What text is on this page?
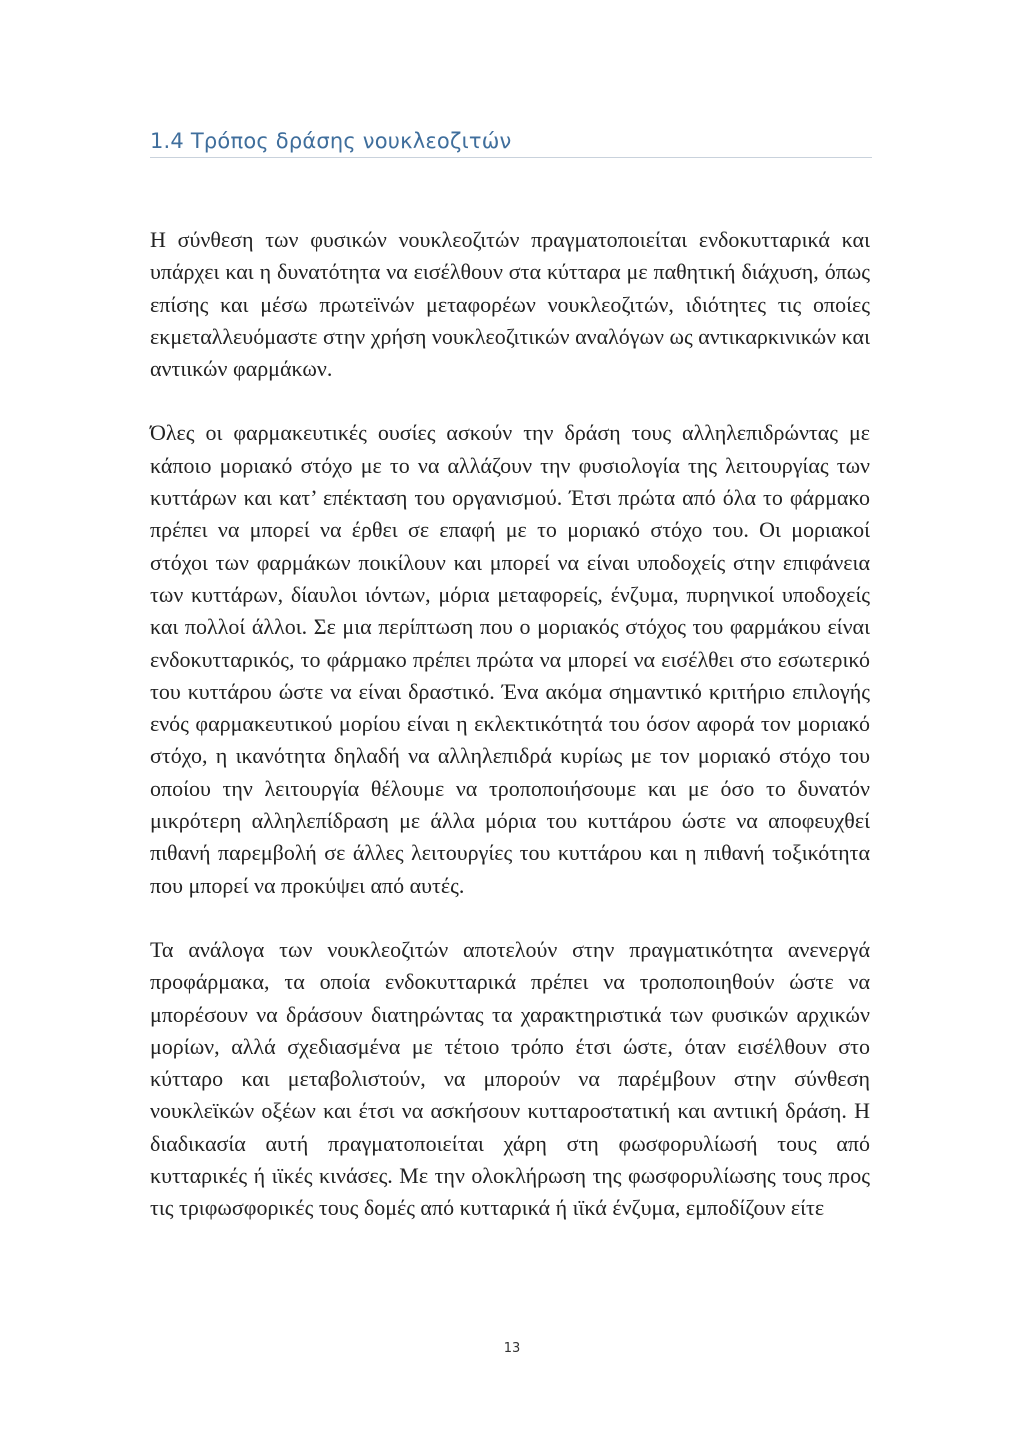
1.4 Τρόπος δράσης νουκλεοζιτών

Η σύνθεση των φυσικών νουκλεοζιτών πραγματοποιείται ενδοκυτταρικά και υπάρχει και η δυνατότητα να εισέλθουν στα κύτταρα με παθητική διάχυση, όπως επίσης και μέσω πρωτεϊνών μεταφορέων νουκλεοζιτών, ιδιότητες τις οποίες εκμεταλλευόμαστε στην χρήση νουκλεοζιτικών αναλόγων ως αντικαρκινικών και αντιικών φαρμάκων.

Όλες οι φαρμακευτικές ουσίες ασκούν την δράση τους αλληλεπιδρώντας με κάποιο μοριακό στόχο με το να αλλάζουν την φυσιολογία της λειτουργίας των κυττάρων και κατ’ επέκταση του οργανισμού. Έτσι πρώτα από όλα το φάρμακο πρέπει να μπορεί να έρθει σε επαφή με το μοριακό στόχο του. Οι μοριακοί στόχοι των φαρμάκων ποικίλουν και μπορεί να είναι υποδοχείς στην επιφάνεια των κυττάρων, δίαυλοι ιόντων, μόρια μεταφορείς, ένζυμα, πυρηνικοί υποδοχείς και πολλοί άλλοι. Σε μια περίπτωση που ο μοριακός στόχος του φαρμάκου είναι ενδοκυτταρικός, το φάρμακο πρέπει πρώτα να μπορεί να εισέλθει στο εσωτερικό του κυττάρου ώστε να είναι δραστικό. Ένα ακόμα σημαντικό κριτήριο επιλογής ενός φαρμακευτικού μορίου είναι η εκλεκτικότητά του όσον αφορά τον μοριακό στόχο, η ικανότητα δηλαδή να αλληλεπιδρά κυρίως με τον μοριακό στόχο του οποίου την λειτουργία θέλουμε να τροποποιήσουμε και με όσο το δυνατόν μικρότερη αλληλεπίδραση με άλλα μόρια του κυττάρου ώστε να αποφευχθεί πιθανή παρεμβολή σε άλλες λειτουργίες του κυττάρου και η πιθανή τοξικότητα που μπορεί να προκύψει από αυτές.

Τα ανάλογα των νουκλεοζιτών αποτελούν στην πραγματικότητα ανενεργά προφάρμακα, τα οποία ενδοκυτταρικά πρέπει να τροποποιηθούν ώστε να μπορέσουν να δράσουν διατηρώντας τα χαρακτηριστικά των φυσικών αρχικών μορίων, αλλά σχεδιασμένα με τέτοιο τρόπο έτσι ώστε, όταν εισέλθουν στο κύτταρο και μεταβολιστούν, να μπορούν να παρέμβουν στην σύνθεση νουκλεϊκών οξέων και έτσι να ασκήσουν κυτταροστατική και αντιική δράση. Η διαδικασία αυτή πραγματοποιείται χάρη στη φωσφορυλίωσή τους από κυτταρικές ή ιϊκές κινάσες. Με την ολοκλήρωση της φωσφορυλίωσης τους προς τις τριφωσφορικές τους δομές από κυτταρικά ή ιϊκά ένζυμα, εμποδίζουν είτε

13
